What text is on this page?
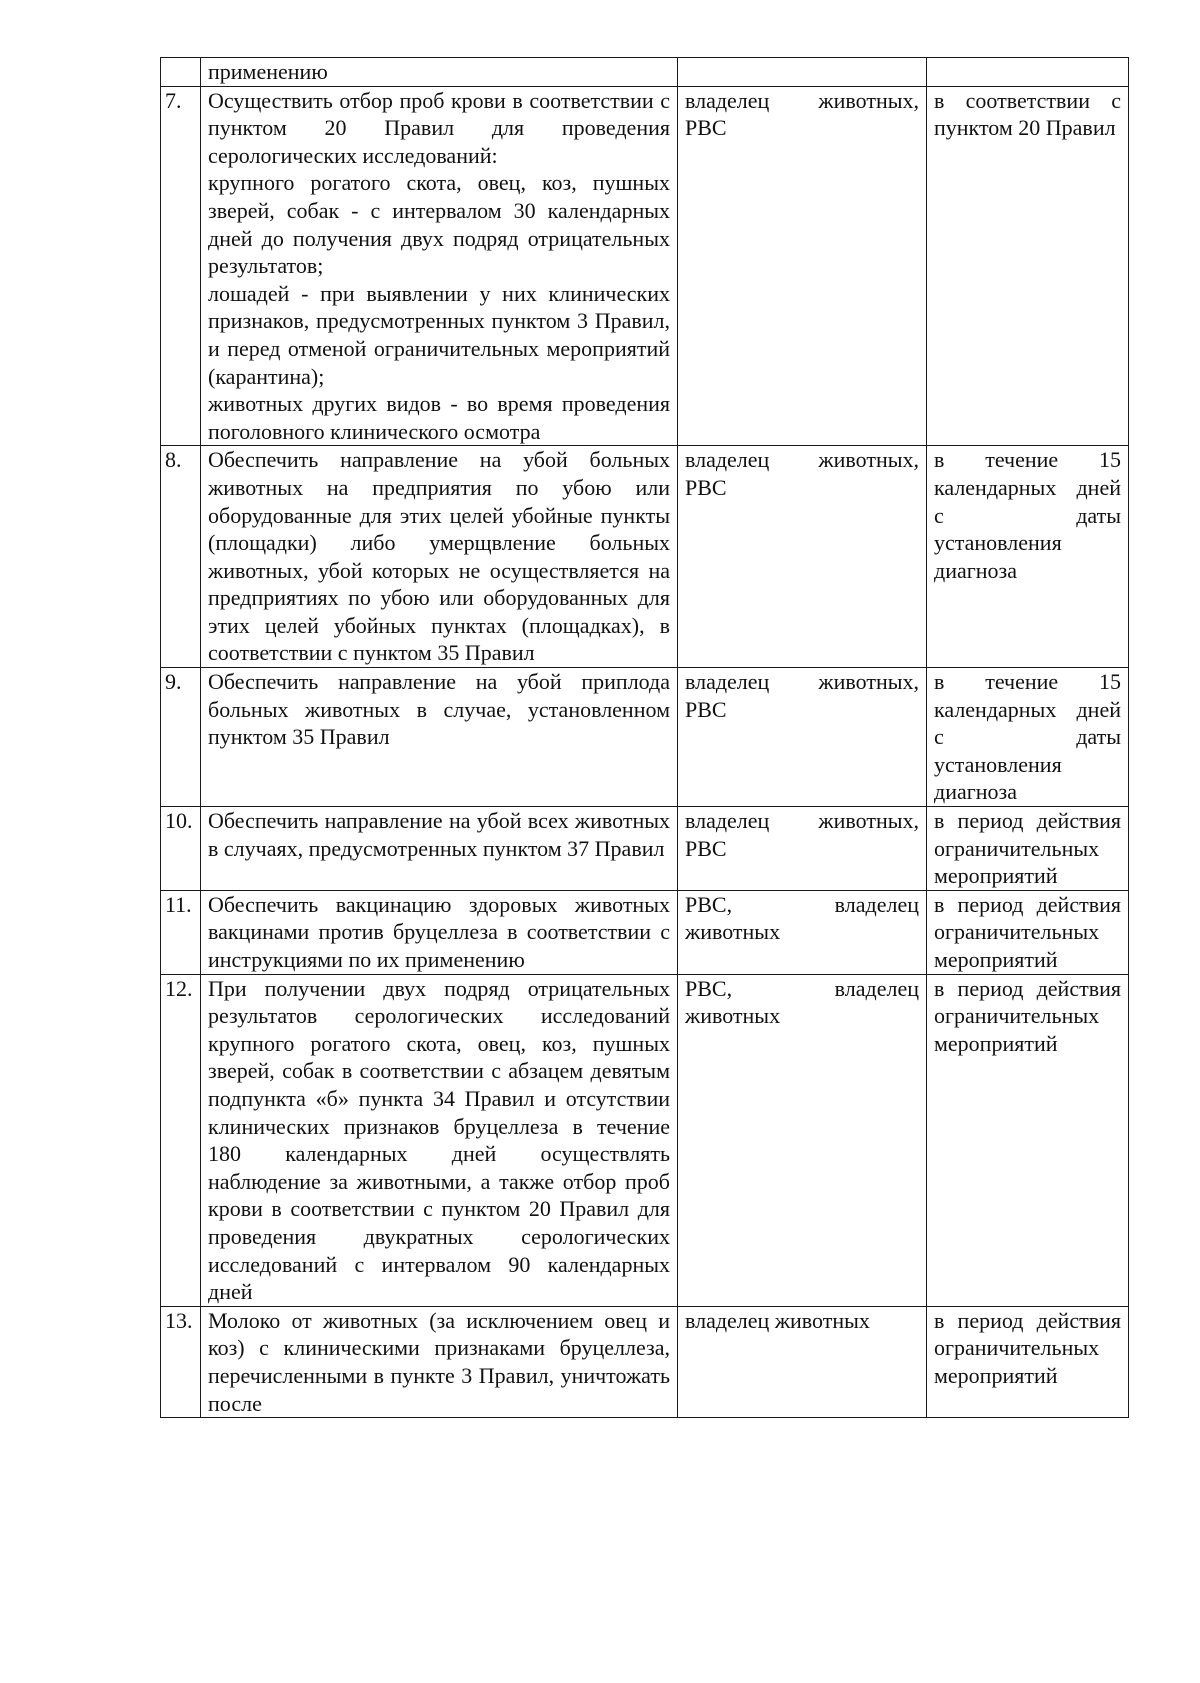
	применению		

7.	Осуществить отбор проб крови в соответствии с пунктом 20 Правил для проведения серологических исследований:
крупного рогатого скота, овец, коз, пушных зверей, собак - с интервалом 30 календарных дней до получения двух подряд отрицательных результатов;
лошадей - при выявлении у них клинических признаков, предусмотренных пунктом 3 Правил, и перед отменой ограничительных мероприятий (карантина);
животных других видов - во время проведения поголовного клинического осмотра	владелец животных, РВС	в соответствии с пунктом 20 Правил
8.	Обеспечить направление на убой больных животных на предприятия по убою или оборудованные для этих целей убойные пункты (площадки) либо умерщвление больных животных, убой которых не осуществляется на предприятиях по убою или оборудованных для этих целей убойных пунктах (площадках), в соответствии с пунктом 35 Правил	владелец животных, РВС	в течение 15 календарных дней с даты установления диагноза
9.	Обеспечить направление на убой приплода больных животных в случае, установленном пунктом 35 Правил	владелец животных, РВС	в течение 15 календарных дней с даты установления диагноза
10.	Обеспечить направление на убой всех животных в случаях, предусмотренных пунктом 37 Правил	владелец животных, РВС	в период действия ограничительных мероприятий
11.	Обеспечить вакцинацию здоровых животных вакцинами против бруцеллеза в соответствии с инструкциями по их применению	РВС, владелец животных	в период действия ограничительных мероприятий
12.	При получении двух подряд отрицательных результатов серологических исследований крупного рогатого скота, овец, коз, пушных зверей, собак в соответствии с абзацем девятым подпункта «б» пункта 34 Правил и отсутствии клинических признаков бруцеллеза в течение 180 календарных дней осуществлять наблюдение за животными, а также отбор проб крови в соответствии с пунктом 20 Правил для проведения двукратных серологических исследований с интервалом 90 календарных дней	РВС, владелец животных	в период действия ограничительных мероприятий
13.	Молоко от животных (за исключением овец и коз) с клиническими признаками бруцеллеза, перечисленными в пункте 3 Правил, уничтожать после	владелец животных	в период действия ограничительных мероприятий
